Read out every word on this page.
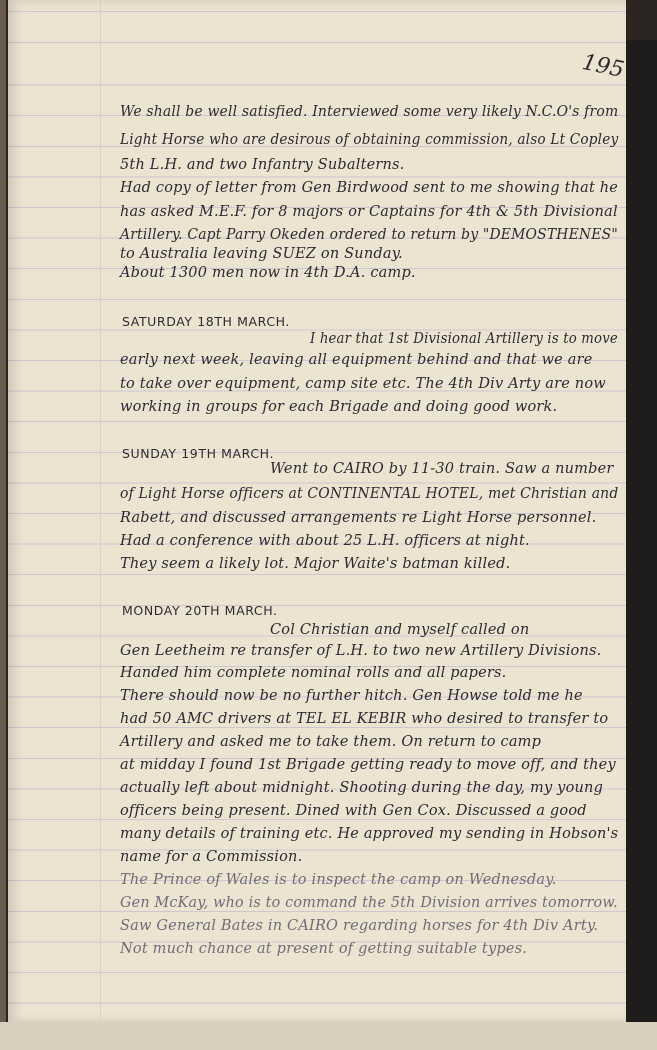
195
We shall be well satisfied. Interviewed some very likely N.C.O's from
Light Horse who are desirous of obtaining commission, also Lt Copley
5th L.H. and two Infantry Subalterns.
Had copy of letter from Gen Birdwood sent to me showing that he
has asked M.E.F. for 8 majors or Captains for 4th & 5th Divisional
Artillery. Capt Parry Okeden ordered to return by "DEMOSTHENES"
to Australia leaving SUEZ on Sunday.
About 1300 men now in 4th D.A. camp.
SATURDAY 18TH MARCH.
I hear that 1st Divisional Artillery is to move
early next week, leaving all equipment behind and that we are
to take over equipment, camp site etc. The 4th Div Arty are now
working in groups for each Brigade and doing good work.
SUNDAY 19TH MARCH.
Went to CAIRO by 11-30 train. Saw a number
of Light Horse officers at CONTINENTAL HOTEL, met Christian and
Rabett, and discussed arrangements re Light Horse personnel.
Had a conference with about 25 L.H. officers at night.
They seem a likely lot. Major Waite's batman killed.
MONDAY 20TH MARCH.
Col Christian and myself called on
Gen Leetheim re transfer of L.H. to two new Artillery Divisions.
Handed him complete nominal rolls and all papers.
There should now be no further hitch. Gen Howse told me he
had 50 AMC drivers at TEL EL KEBIR who desired to transfer to
Artillery and asked me to take them. On return to camp
at midday I found 1st Brigade getting ready to move off, and they
actually left about midnight. Shooting during the day, my young
officers being present. Dined with Gen Cox. Discussed a good
many details of training etc. He approved my sending in Hobson's
name for a Commission.
The Prince of Wales is to inspect the camp on Wednesday.
Gen McKay, who is to command the 5th Division arrives tomorrow.
Saw General Bates in CAIRO regarding horses for 4th Div Arty.
Not much chance at present of getting suitable types.
